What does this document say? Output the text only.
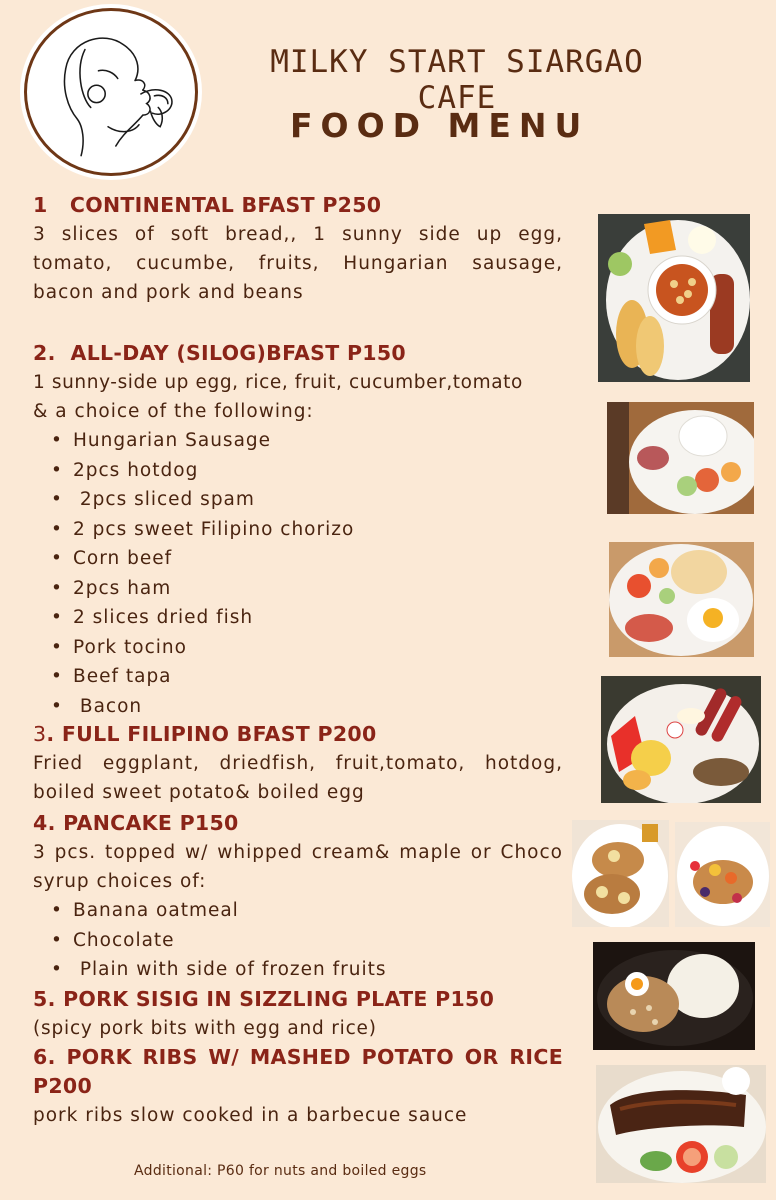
MILKY START SIARGAO CAFE
FOOD MENU
1   CONTINENTAL BFAST P250
3 slices of soft bread,, 1 sunny side up egg, tomato, cucumbe, fruits, Hungarian sausage, bacon and pork and beans
2.  ALL-DAY (SILOG)BFAST P150
1 sunny-side up egg, rice, fruit, cucumber,tomato
& a choice of the following:
• Hungarian Sausage
• 2pcs hotdog
•  2pcs sliced spam
• 2 pcs sweet Filipino chorizo
• Corn beef
• 2pcs ham
• 2 slices dried fish
• Pork tocino
• Beef tapa
•  Bacon
3. FULL FILIPINO BFAST P200
Fried eggplant, driedfish, fruit,tomato, hotdog, boiled sweet potato& boiled egg
4. PANCAKE P150
3 pcs. topped w/ whipped cream& maple or Choco syrup choices of:
• Banana oatmeal
• Chocolate
•  Plain with side of frozen fruits
5. PORK SISIG IN SIZZLING PLATE P150
(spicy pork bits with egg and rice)
6. PORK RIBS W/ MASHED POTATO OR RICE P200
pork ribs slow cooked in a barbecue sauce
Additional: P60 for nuts and boiled eggs
